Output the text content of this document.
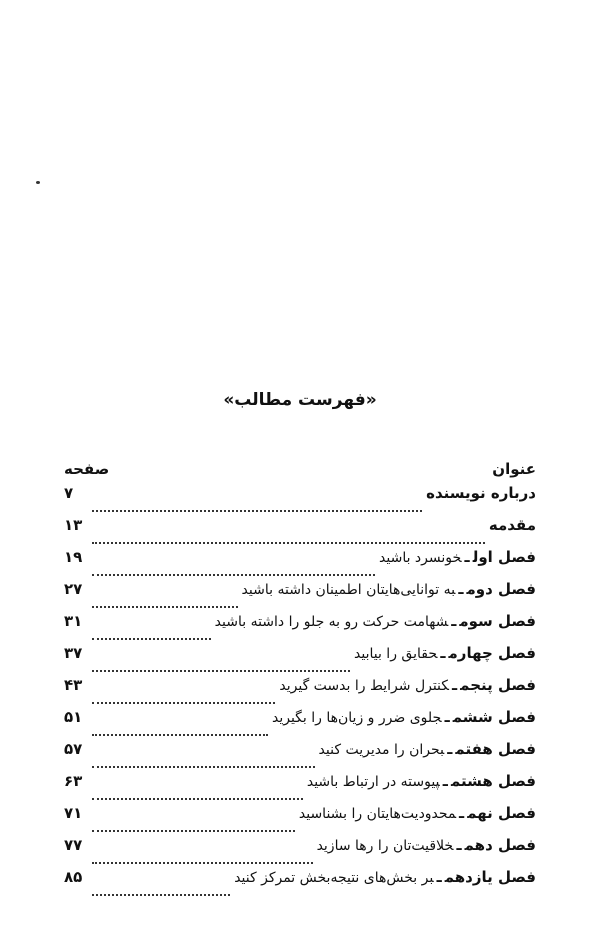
«فهرست مطالب»
عنوان
صفحه
درباره نویسنده
۷
مقدمه
۱۳
فصل اولـخونسرد باشید
۱۹
فصل دومـبه توانایی‌هایتان اطمینان داشته باشید
۲۷
فصل سومـشهامت حرکت رو به جلو را داشته باشید
۳۱
فصل چهارمـحقایق را بیابید
۳۷
فصل پنجمـکنترل شرایط را بدست گیرید
۴۳
فصل ششمـجلوی ضرر و زیان‌ها را بگیرید
۵۱
فصل هفتمـبحران را مدیریت کنید
۵۷
فصل هشتمـپیوسته در ارتباط باشید
۶۳
فصل نهمـمحدودیت‌هایتان را بشناسید
۷۱
فصل دهمـخلاقیت‌تان را رها سازید
۷۷
فصل یازدهمـبر بخش‌های نتیجه‌بخش تمرکز کنید
۸۵
